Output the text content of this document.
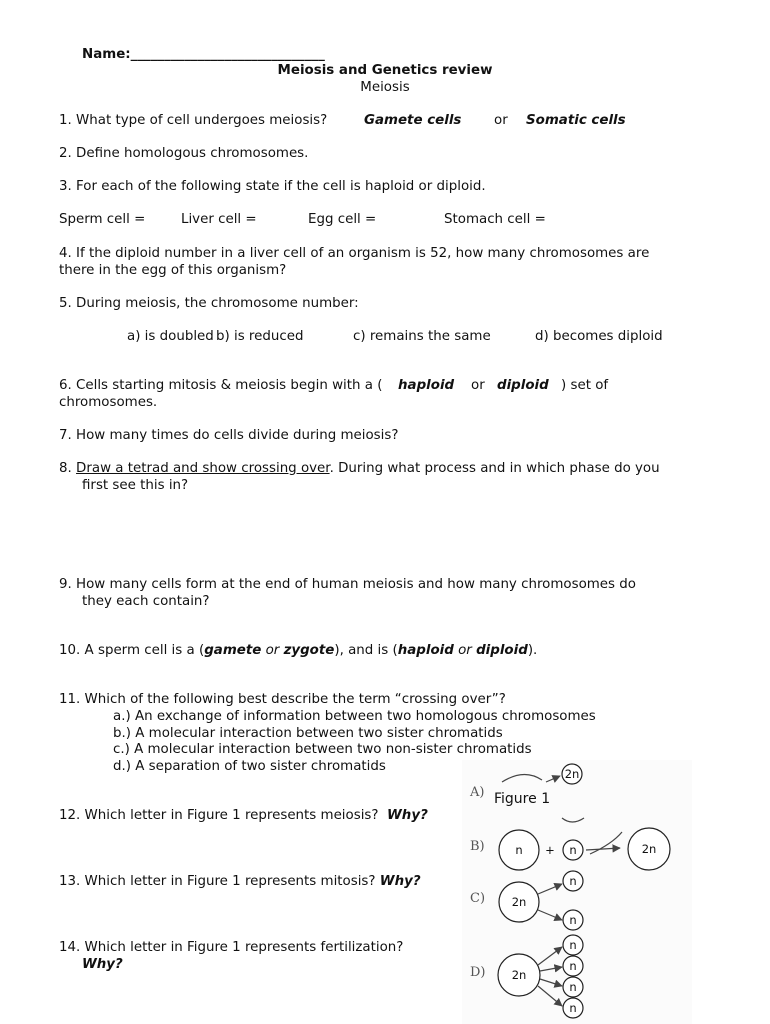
Name:_____________________________
Meiosis and Genetics review
Meiosis
1. What type of cell undergoes meiosis?	Gamete cells or Somatic cells
2. Define homologous chromosomes.
3. For each of the following state if the cell is haploid or diploid.
Sperm cell =	Liver cell =	Egg cell =	Stomach cell =
4. If the diploid number in a liver cell of an organism is 52, how many chromosomes are
there in the egg of this organism?
5. During meiosis, the chromosome number:
a) is doubled b) is reduced	c) remains the same	d) becomes diploid
6. Cells starting mitosis & meiosis begin with a ( haploid or diploid ) set of
chromosomes.
7. How many times do cells divide during meiosis?
8. Draw a tetrad and show crossing over. During what process and in which phase do you
first see this in?
9. How many cells form at the end of human meiosis and how many chromosomes do
they each contain?
10. A sperm cell is a (gamete or zygote), and is (haploid or diploid).
11. Which of the following best describe the term “crossing over”?
a.) An exchange of information between two homologous chromosomes
b.) A molecular interaction between two sister chromatids
c.) A molecular interaction between two non-sister chromatids
d.) A separation of two sister chromatids
12. Which letter in Figure 1 represents meiosis? Why?
13. Which letter in Figure 1 represents mitosis? Why?
14. Which letter in Figure 1 represents fertilization?
Why?
A)
B)
C)
D)
Figure 1
2n
n + n	2n
2n
n
n
2n
n
n
n
n
